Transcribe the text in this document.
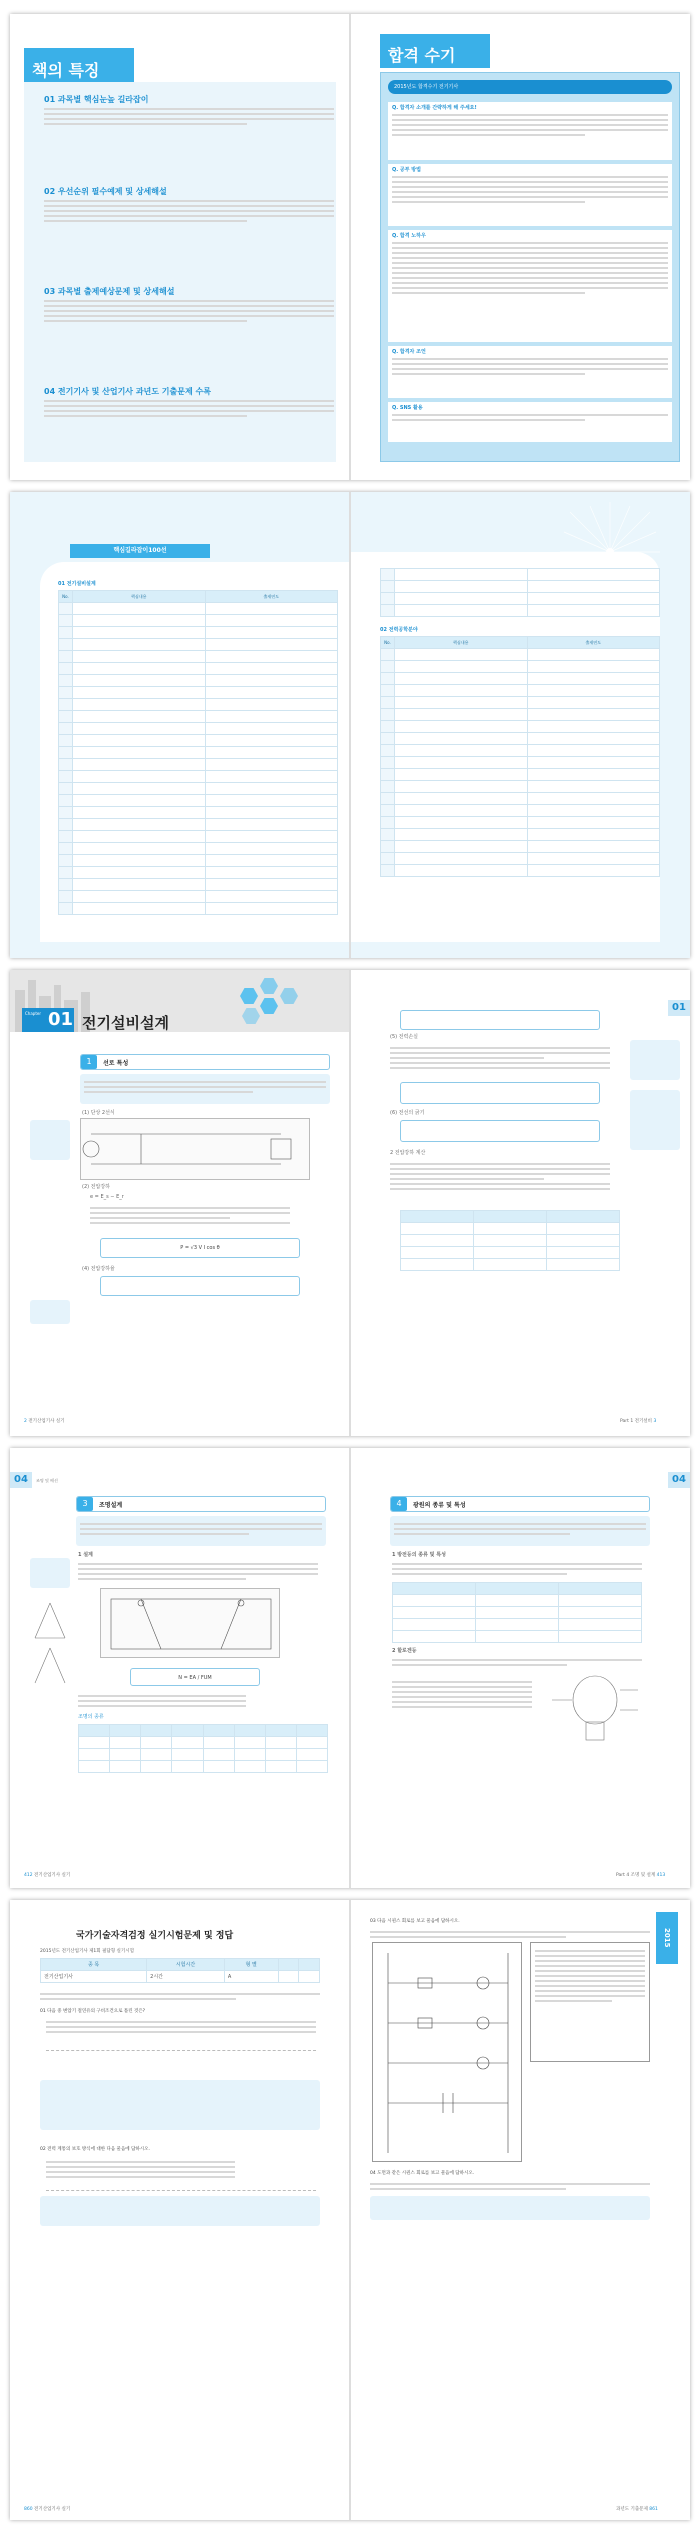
책의 특징
01 과목별 핵심눈높 길라잡이
02 우선순위 필수예제 및 상세해설
03 과목별 출제예상문제 및 상세해설
04 전기기사 및 산업기사 과년도 기출문제 수록
합격 수기
2015년도 합격수기 전기기사
Q. 합격자 소개를 간략하게 해 주세요!
Q. 공부 방법
Q. 합격 노하우
Q. 합격자 조언
Q. SNS 활용
핵심길라잡이100선
01 전기설비설계
No.	핵심내용	출제연도

02 전력공학분야
No.	핵심내용	출제연도

Chapter 01 전기설비설계
1	선로 특성
(1) 단상 2선식
(2) 전압강하
e = E_s − E_r
P = √3 V I cos θ
(4) 전압강하율
2 전기산업기사 실기	Part 1 전기설비 3
01
(5) 전력손실
(6) 전선의 굵기
2 전압강하 계산

04	조명 및 배선	04
3	조명설계
1 설계
N = EA / FUM
조명의 종류

4	광원의 종류 및 특성
1 방전등의 종류 및 특성

2 할로겐등
412 전기산업기사 실기	Part 4 조명 및 설계 413
국가기술자격검정 실기시험문제 및 정답
2015년도 전기산업기사 제1회 필답형 실기시험
종 목	시험시간	형 별		
전기산업기사	2시간	A		
01 다음 중 변압기 절연유의 구비조건으로 틀린 것은?
02 전력 계통의 보호 방식에 대한 다음 물음에 답하시오.
2015
03 다음 시퀀스 회로를 보고 물음에 답하시오.
04 도면과 같은 시퀀스 회로를 보고 물음에 답하시오.
860 전기산업기사 실기	과년도 기출문제 861
